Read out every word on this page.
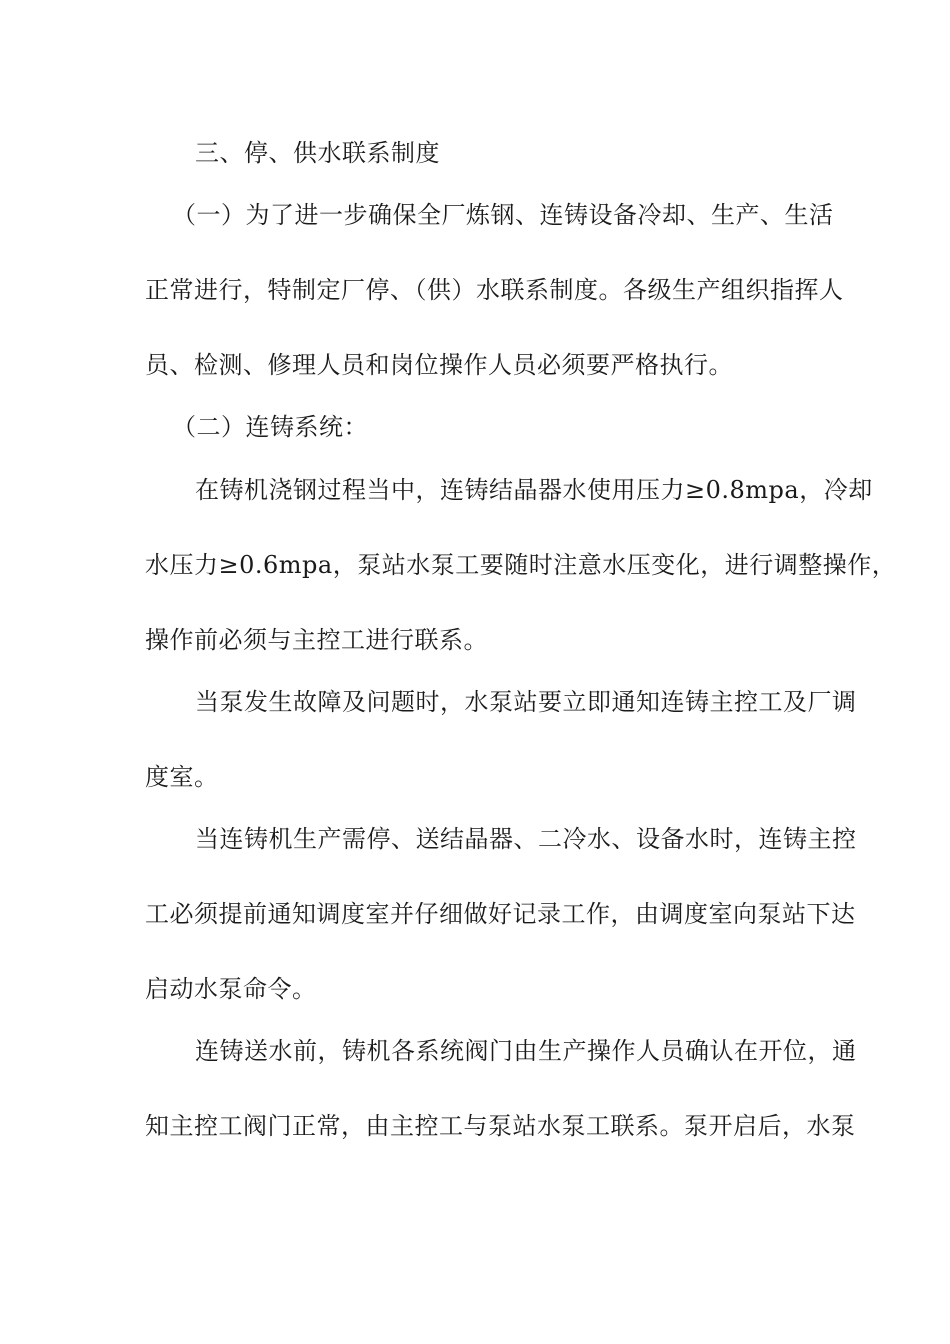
三、停、供水联系制度
（一）为了进一步确保全厂炼钢、连铸设备冷却、生产、生活
正常进行，特制定厂停、（供）水联系制度。各级生产组织指挥人
员、检测、修理人员和岗位操作人员必须要严格执行。
（二）连铸系统：
在铸机浇钢过程当中，连铸结晶器水使用压力≥0.8mpa，冷却
水压力≥0.6mpa，泵站水泵工要随时注意水压变化，进行调整操作，
操作前必须与主控工进行联系。
当泵发生故障及问题时，水泵站要立即通知连铸主控工及厂调
度室。
当连铸机生产需停、送结晶器、二冷水、设备水时，连铸主控
工必须提前通知调度室并仔细做好记录工作，由调度室向泵站下达
启动水泵命令。
连铸送水前，铸机各系统阀门由生产操作人员确认在开位，通
知主控工阀门正常，由主控工与泵站水泵工联系。泵开启后，水泵
